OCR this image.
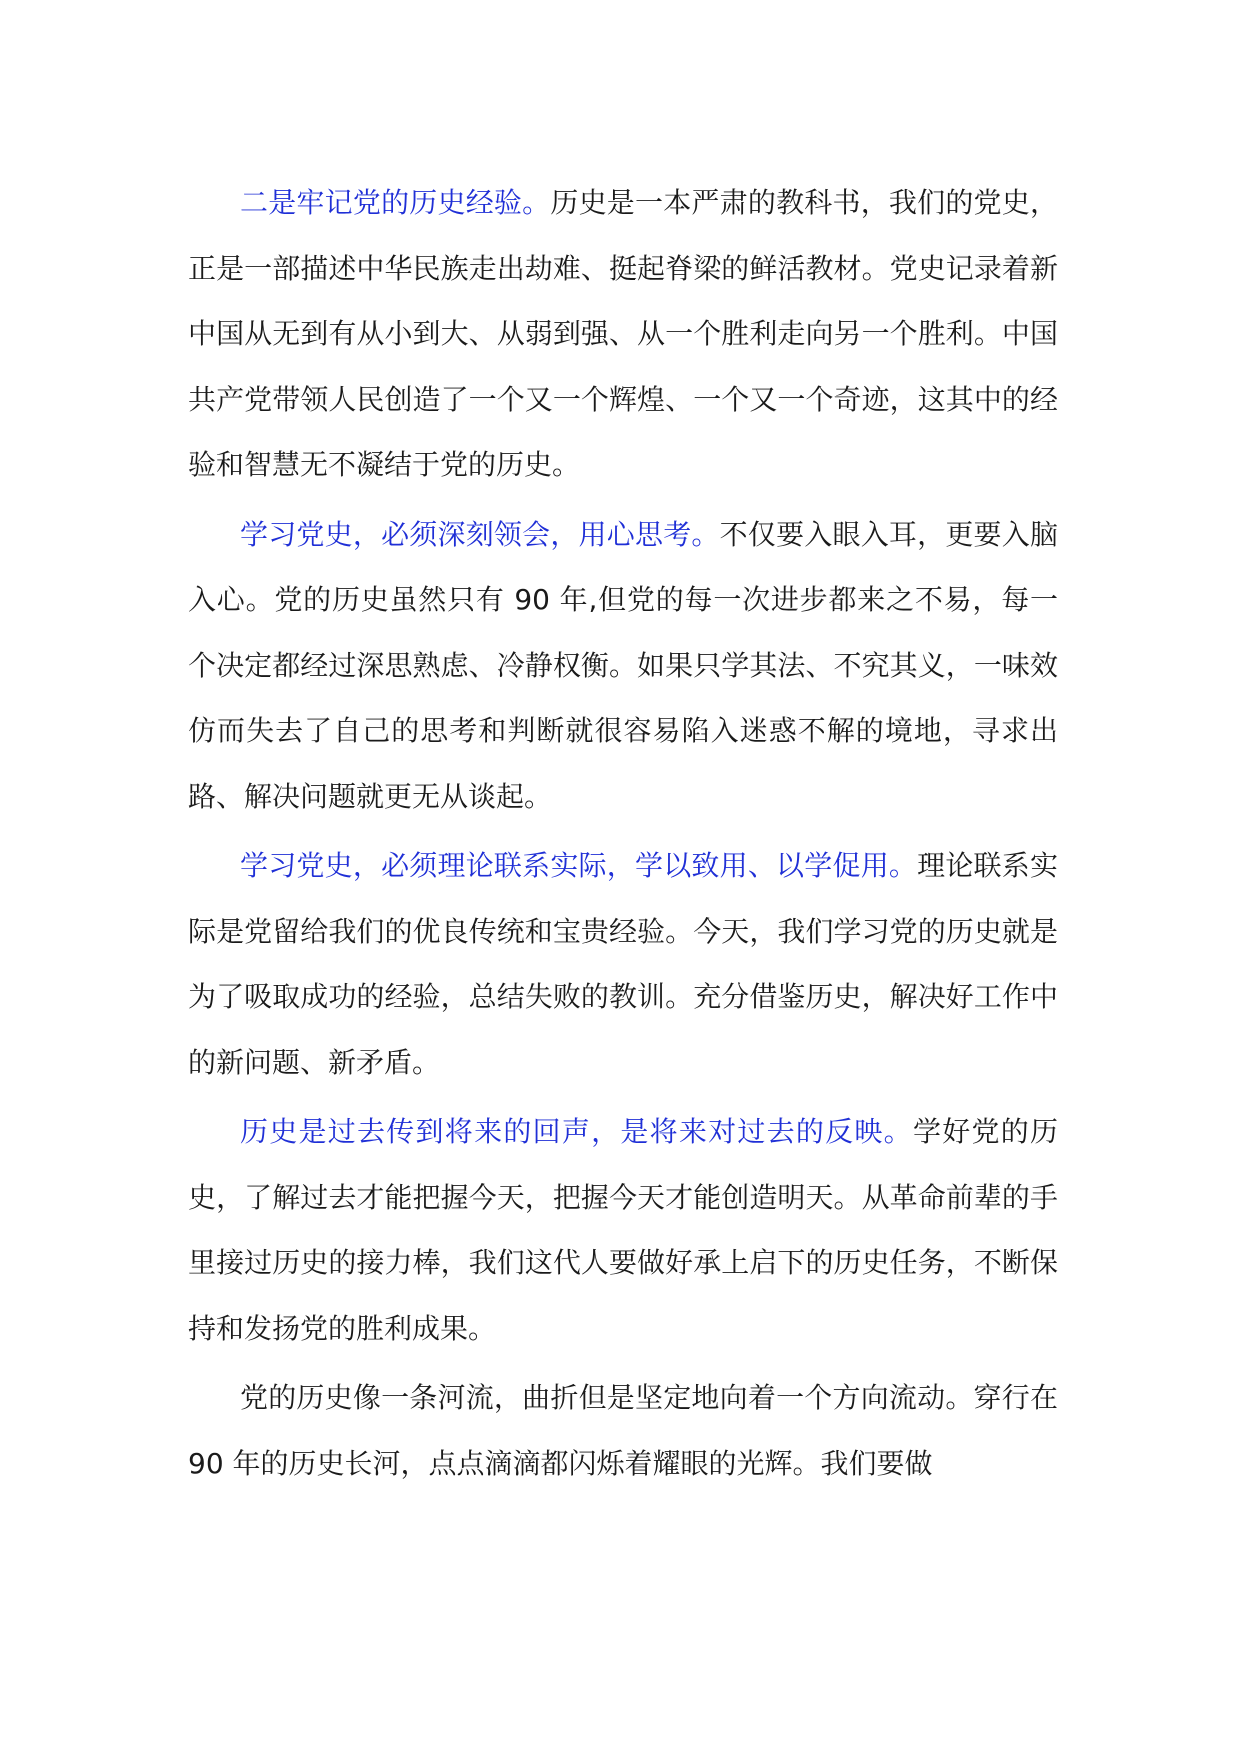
二是牢记党的历史经验。历史是一本严肃的教科书，我们的党史，正是一部描述中华民族走出劫难、挺起脊梁的鲜活教材。党史记录着新中国从无到有从小到大、从弱到强、从一个胜利走向另一个胜利。中国共产党带领人民创造了一个又一个辉煌、一个又一个奇迹，这其中的经验和智慧无不凝结于党的历史。

学习党史，必须深刻领会，用心思考。不仅要入眼入耳，更要入脑入心。党的历史虽然只有 90 年,但党的每一次进步都来之不易，每一个决定都经过深思熟虑、冷静权衡。如果只学其法、不究其义，一味效仿而失去了自己的思考和判断就很容易陷入迷惑不解的境地，寻求出路、解决问题就更无从谈起。

学习党史，必须理论联系实际，学以致用、以学促用。理论联系实际是党留给我们的优良传统和宝贵经验。今天，我们学习党的历史就是为了吸取成功的经验，总结失败的教训。充分借鉴历史，解决好工作中的新问题、新矛盾。

历史是过去传到将来的回声，是将来对过去的反映。学好党的历史，了解过去才能把握今天，把握今天才能创造明天。从革命前辈的手里接过历史的接力棒，我们这代人要做好承上启下的历史任务，不断保持和发扬党的胜利成果。

党的历史像一条河流，曲折但是坚定地向着一个方向流动。穿行在 90 年的历史长河，点点滴滴都闪烁着耀眼的光辉。我们要做
